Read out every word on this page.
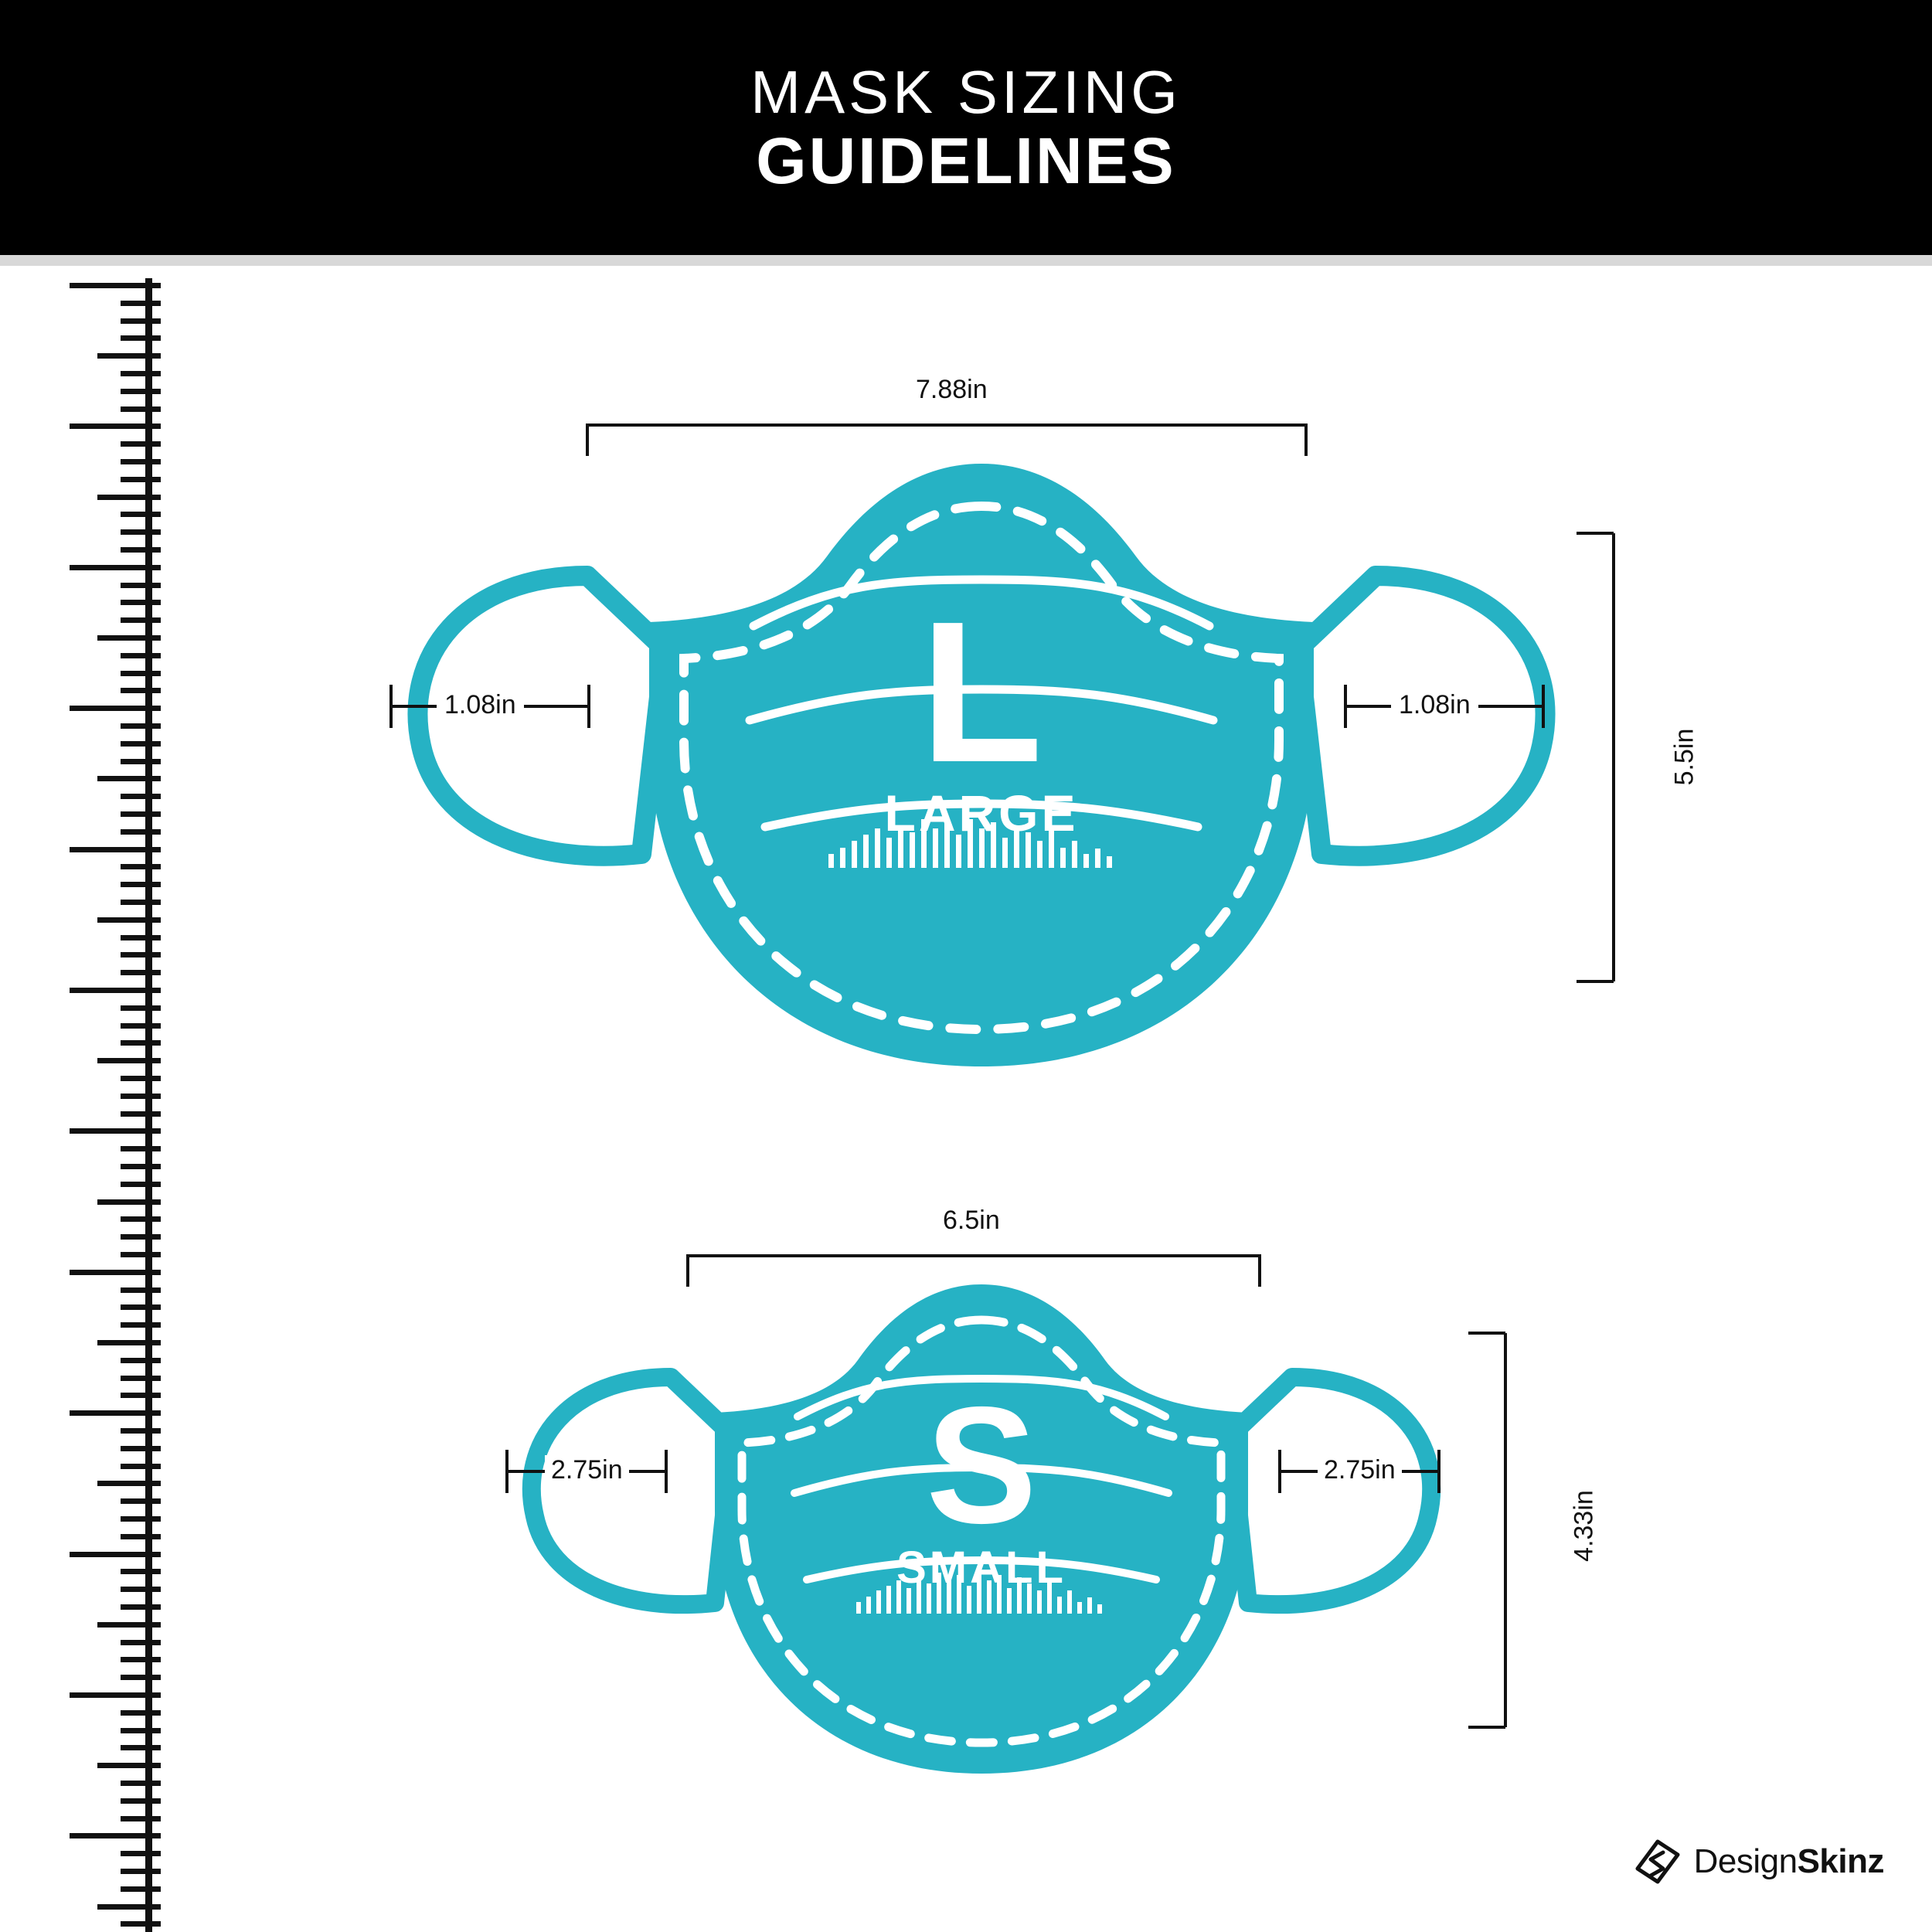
MASK SIZING
GUIDELINES
L
LARGE
7.88in
5.5in
1.08in	1.08in
S
SMALL
6.5in
4.33in
2.75in	2.75in
DesignSkinz
